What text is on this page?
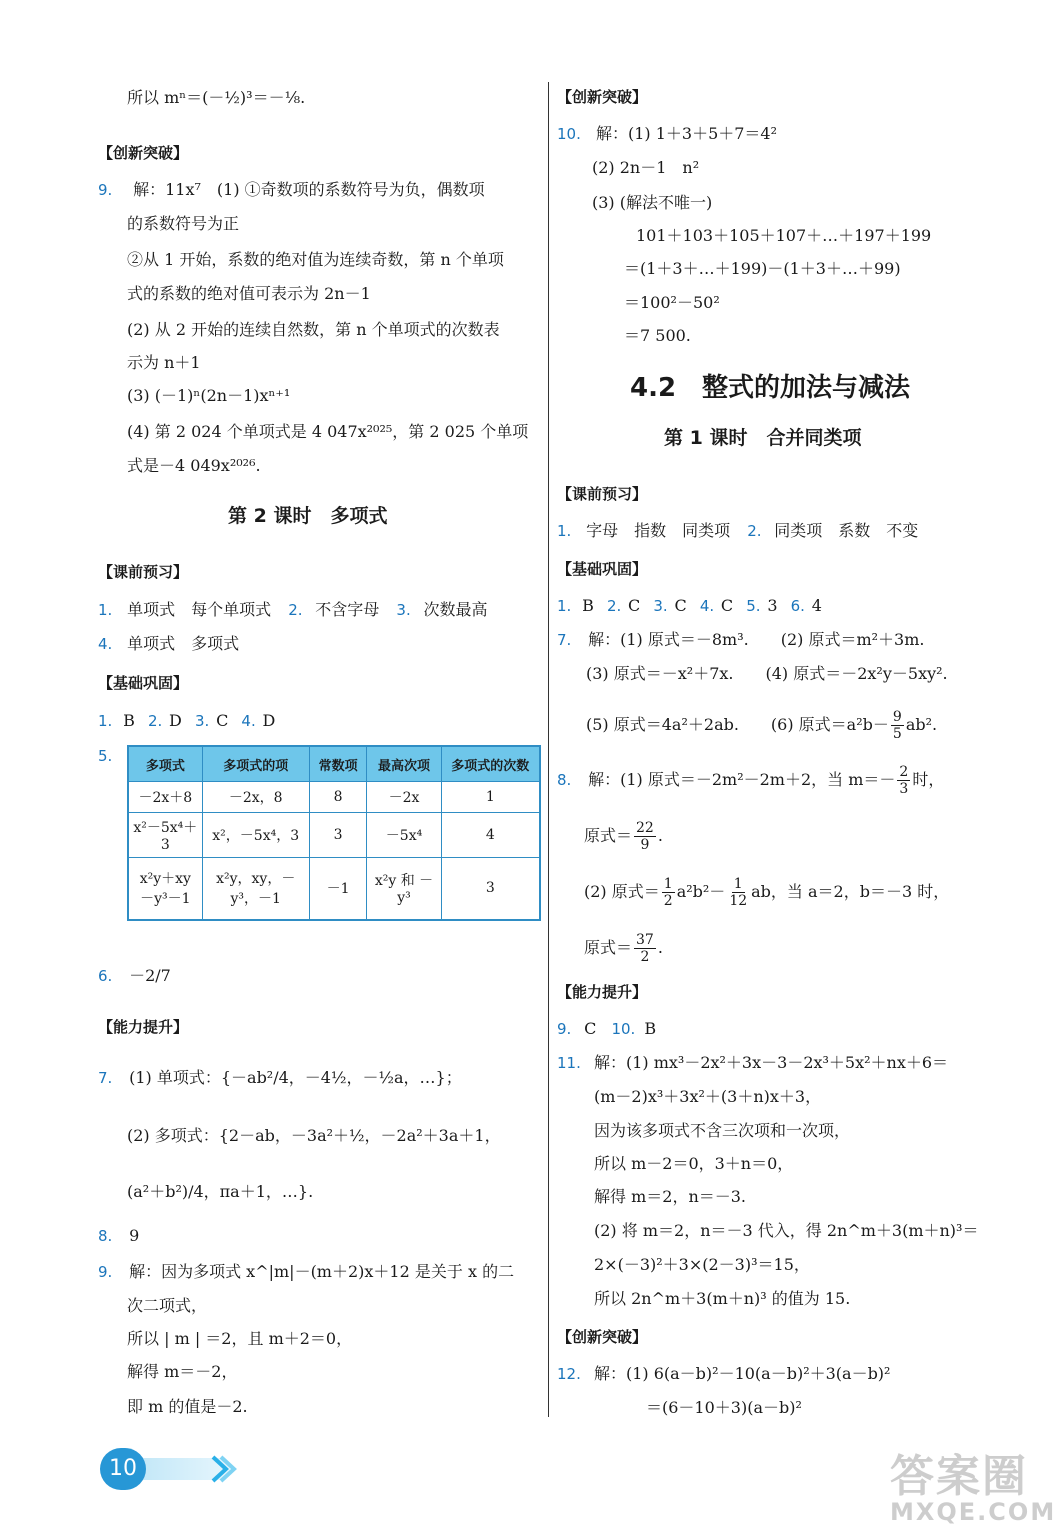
所以 mⁿ＝(－½)³＝－⅛.
【创新突破】
9. 解：11x⁷　(1) ①奇数项的系数符号为负，偶数项
的系数符号为正
②从 1 开始，系数的绝对值为连续奇数，第 n 个单项
式的系数的绝对值可表示为 2n－1
(2) 从 2 开始的连续自然数，第 n 个单项式的次数表
示为 n＋1
(3) (－1)ⁿ(2n－1)xⁿ⁺¹
(4) 第 2 024 个单项式是 4 047x²⁰²⁵，第 2 025 个单项
式是－4 049x²⁰²⁶.
第 2 课时　多项式
【课前预习】
1. 单项式　每个单项式 2. 不含字母 3. 次数最高
4. 单项式　多项式
【基础巩固】
1. B 2. D 3. C 4. D
5.
多项式	多项式的项	常数项	最高次项	多项式的次数
－2x＋8	－2x，8	8	－2x	1
x²－5x⁴＋3	x²，－5x⁴，3	3	－5x⁴	4
x²y＋xy－y³－1	x²y，xy，－y³，－1	－1	x²y 和 －y³	3
6. －2/7
【能力提升】
7. (1) 单项式：{－ab²/4，－4½，－½a，…}；
(2) 多项式：{2－ab，－3a²＋½，－2a²＋3a＋1，
(a²＋b²)/4，πa＋1，…}.
8. 9
9. 解：因为多项式 x^|m|－(m＋2)x＋12 是关于 x 的二
次二项式，
所以 | m | ＝2，且 m＋2＝0，
解得 m＝－2，
即 m 的值是－2.
【创新突破】
10. 解：(1) 1＋3＋5＋7＝4²
(2) 2n－1　n²
(3) (解法不唯一)
101＋103＋105＋107＋…＋197＋199
＝(1＋3＋…＋199)－(1＋3＋…＋99)
＝100²－50²
＝7 500.
4.2　整式的加法与减法
第 1 课时　合并同类项
【课前预习】
1. 字母　指数　同类项 2. 同类项　系数　不变
【基础巩固】
1. B 2. C 3. C 4. C 5. 3 6. 4
7. 解：(1) 原式＝－8m³.　　(2) 原式＝m²＋3m.
(3) 原式＝－x²＋7x.　　(4) 原式＝－2x²y－5xy².
(5) 原式＝4a²＋2ab.　　(6) 原式$=a^2b- \frac{9}{5} ab^2$.
8. 解：(1) 原式＝－2m²－2m＋2，当 $m=- \frac{2}{3}$ 时，
原式＝ $\frac{22}{9}$ .
(2) 原式＝ $\frac{1}{2} a^2b^2- \frac{1}{12}$ ab，当 a＝2，b＝－3 时，
原式＝ $\frac{37}{2}$ .
【能力提升】
9. C 10. B
11. 解：(1) mx³－2x²＋3x－3－2x³＋5x²＋nx＋6＝
(m－2)x³＋3x²＋(3＋n)x＋3，
因为该多项式不含三次项和一次项，
所以 m－2＝0，3＋n＝0，
解得 m＝2，n＝－3.
(2) 将 m＝2，n＝－3 代入，得 2n^m＋3(m＋n)³＝
2×(－3)²＋3×(2－3)³＝15，
所以 2n^m＋3(m＋n)³ 的值为 15.
【创新突破】
12. 解：(1) 6(a－b)²－10(a－b)²＋3(a－b)²
＝(6－10＋3)(a－b)²
10	答案圈
MXQE.COM
